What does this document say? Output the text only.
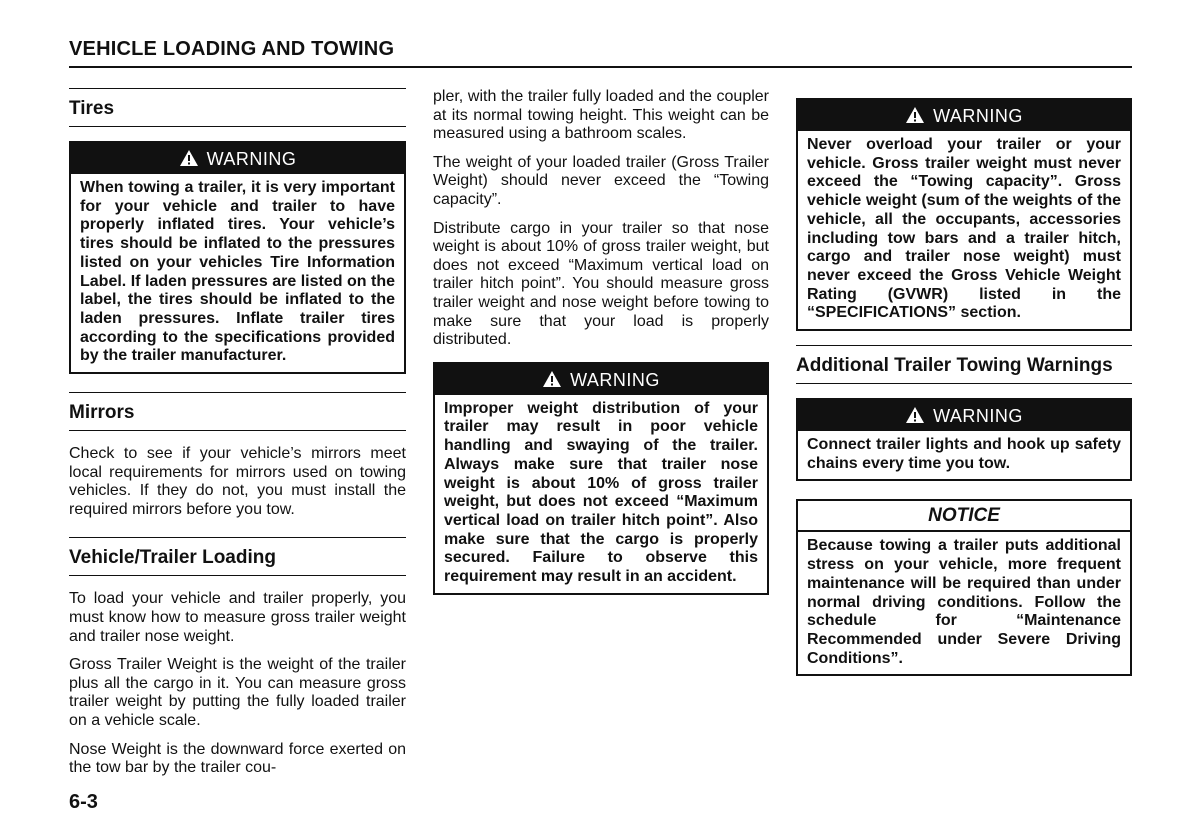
VEHICLE LOADING AND TOWING
Tires
WARNING

When towing a trailer, it is very important for your vehicle and trailer to have properly inflated tires. Your vehicle’s tires should be inflated to the pressures listed on your vehicles Tire Information Label. If laden pressures are listed on the label, the tires should be inflated to the laden pressures. Inflate trailer tires according to the specifications provided by the trailer manufacturer.

Mirrors

Check to see if your vehicle’s mirrors meet local requirements for mirrors used on towing vehicles. If they do not, you must install the required mirrors before you tow.

Vehicle/Trailer Loading

To load your vehicle and trailer properly, you must know how to measure gross trailer weight and trailer nose weight.

Gross Trailer Weight is the weight of the trailer plus all the cargo in it. You can measure gross trailer weight by putting the fully loaded trailer on a vehicle scale.

Nose Weight is the downward force exerted on the tow bar by the trailer cou-

pler, with the trailer fully loaded and the coupler at its normal towing height. This weight can be measured using a bathroom scales.

The weight of your loaded trailer (Gross Trailer Weight) should never exceed the “Towing capacity”.

Distribute cargo in your trailer so that nose weight is about 10% of gross trailer weight, but does not exceed “Maximum vertical load on trailer hitch point”. You should measure gross trailer weight and nose weight before towing to make sure that your load is properly distributed.

WARNING

Improper weight distribution of your trailer may result in poor vehicle handling and swaying of the trailer. Always make sure that trailer nose weight is about 10% of gross trailer weight, but does not exceed “Maximum vertical load on trailer hitch point”. Also make sure that the cargo is properly secured. Failure to observe this requirement may result in an accident.

WARNING

Never overload your trailer or your vehicle. Gross trailer weight must never exceed the “Towing capacity”. Gross vehicle weight (sum of the weights of the vehicle, all the occupants, accessories including tow bars and a trailer hitch, cargo and trailer nose weight) must never exceed the Gross Vehicle Weight Rating (GVWR) listed in the “SPECIFICATIONS” section.

Additional Trailer Towing Warnings
WARNING

Connect trailer lights and hook up safety chains every time you tow.

NOTICE

Because towing a trailer puts additional stress on your vehicle, more frequent maintenance will be required than under normal driving conditions. Follow the schedule for “Maintenance Recommended under Severe Driving Conditions”.

6-3
